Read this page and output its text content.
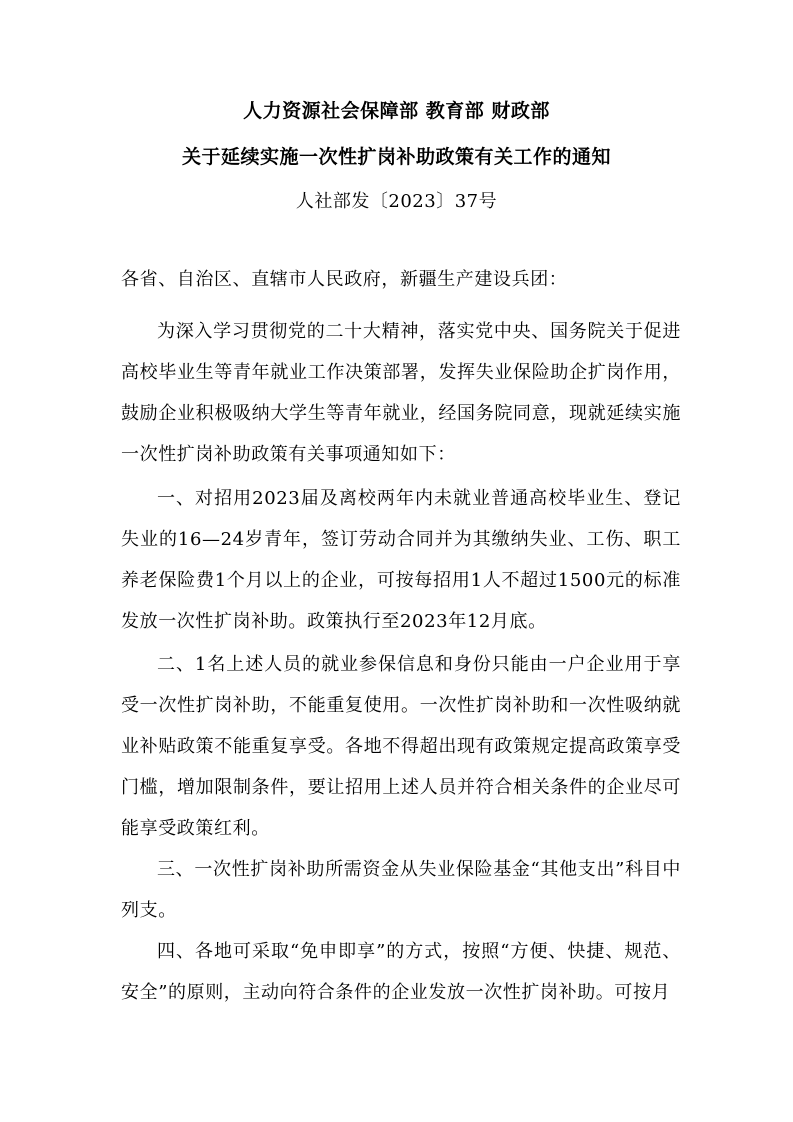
人力资源社会保障部 教育部 财政部
关于延续实施一次性扩岗补助政策有关工作的通知
人社部发〔2023〕37号
各省、自治区、直辖市人民政府，新疆生产建设兵团：

为深入学习贯彻党的二十大精神，落实党中央、国务院关于促进高校毕业生等青年就业工作决策部署，发挥失业保险助企扩岗作用，鼓励企业积极吸纳大学生等青年就业，经国务院同意，现就延续实施一次性扩岗补助政策有关事项通知如下：

一、对招用2023届及离校两年内未就业普通高校毕业生、登记失业的16—24岁青年，签订劳动合同并为其缴纳失业、工伤、职工养老保险费1个月以上的企业，可按每招用1人不超过1500元的标准发放一次性扩岗补助。政策执行至2023年12月底。

二、1名上述人员的就业参保信息和身份只能由一户企业用于享受一次性扩岗补助，不能重复使用。一次性扩岗补助和一次性吸纳就业补贴政策不能重复享受。各地不得超出现有政策规定提高政策享受门槛，增加限制条件，要让招用上述人员并符合相关条件的企业尽可能享受政策红利。

三、一次性扩岗补助所需资金从失业保险基金“其他支出”科目中列支。

四、各地可采取“免申即享”的方式，按照“方便、快捷、规范、安全”的原则，主动向符合条件的企业发放一次性扩岗补助。可按月
